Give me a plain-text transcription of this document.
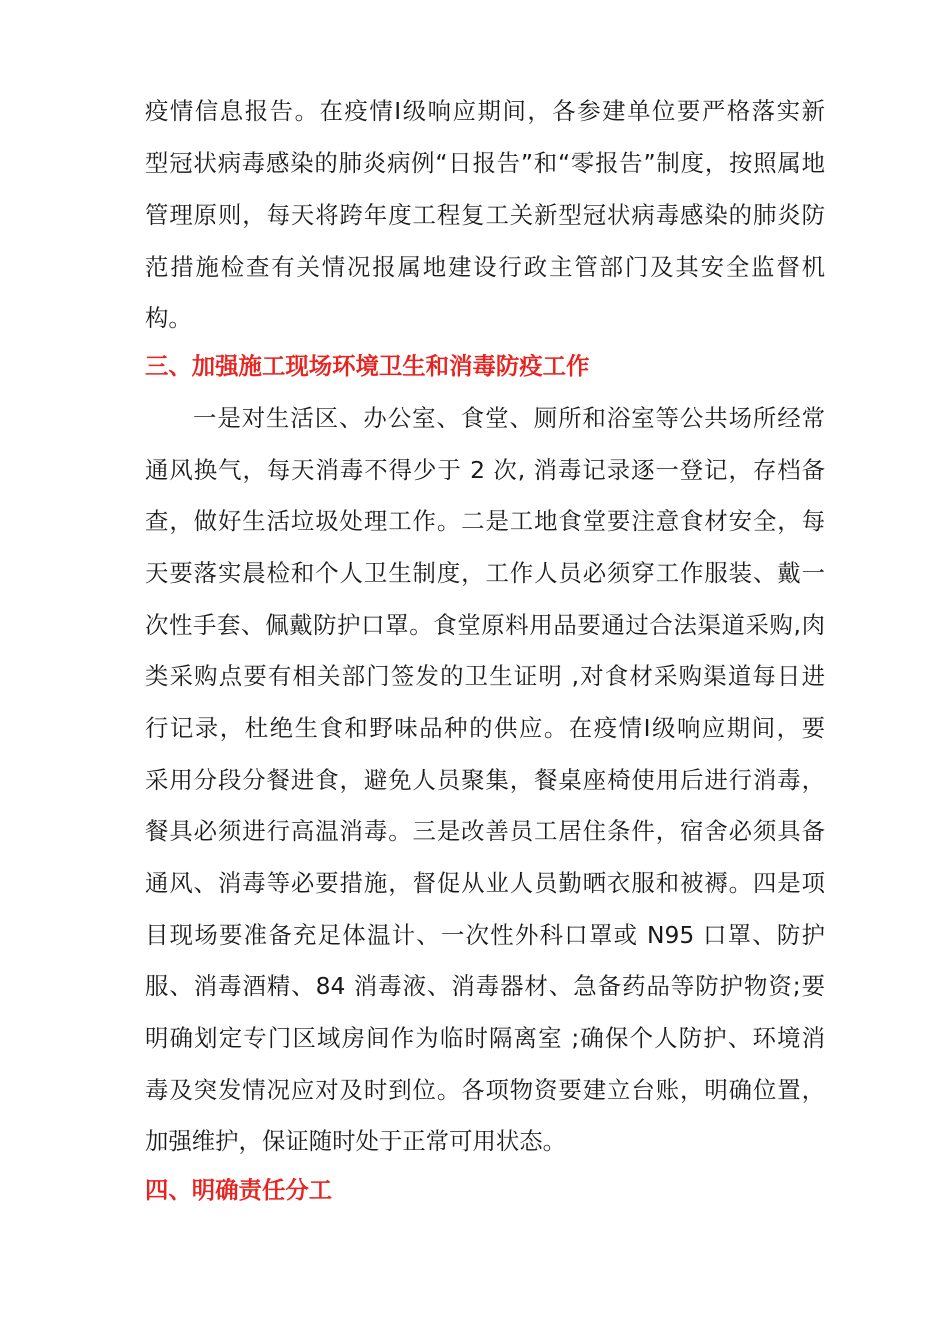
疫情信息报告。在疫情Ⅰ级响应期间，各参建单位要严格落实新
型冠状病毒感染的肺炎病例“日报告”和“零报告”制度，按照属地
管理原则，每天将跨年度工程复工关新型冠状病毒感染的肺炎防
范措施检查有关情况报属地建设行政主管部门及其安全监督机
构。
三、加强施工现场环境卫生和消毒防疫工作
一是对生活区、办公室、食堂、厕所和浴室等公共场所经常
通风换气，每天消毒不得少于 2 次, 消毒记录逐一登记，存档备
查，做好生活垃圾处理工作。二是工地食堂要注意食材安全，每
天要落实晨检和个人卫生制度，工作人员必须穿工作服装、戴一
次性手套、佩戴防护口罩。食堂原料用品要通过合法渠道采购,肉
类采购点要有相关部门签发的卫生证明 ,对食材采购渠道每日进
行记录，杜绝生食和野味品种的供应。在疫情Ⅰ级响应期间，要
采用分段分餐进食，避免人员聚集，餐桌座椅使用后进行消毒，
餐具必须进行高温消毒。三是改善员工居住条件，宿舍必须具备
通风、消毒等必要措施，督促从业人员勤晒衣服和被褥。四是项
目现场要准备充足体温计、一次性外科口罩或 N95 口罩、防护
服、消毒酒精、84 消毒液、消毒器材、急备药品等防护物资;要
明确划定专门区域房间作为临时隔离室 ;确保个人防护、环境消
毒及突发情况应对及时到位。各项物资要建立台账，明确位置，
加强维护，保证随时处于正常可用状态。
四、明确责任分工
